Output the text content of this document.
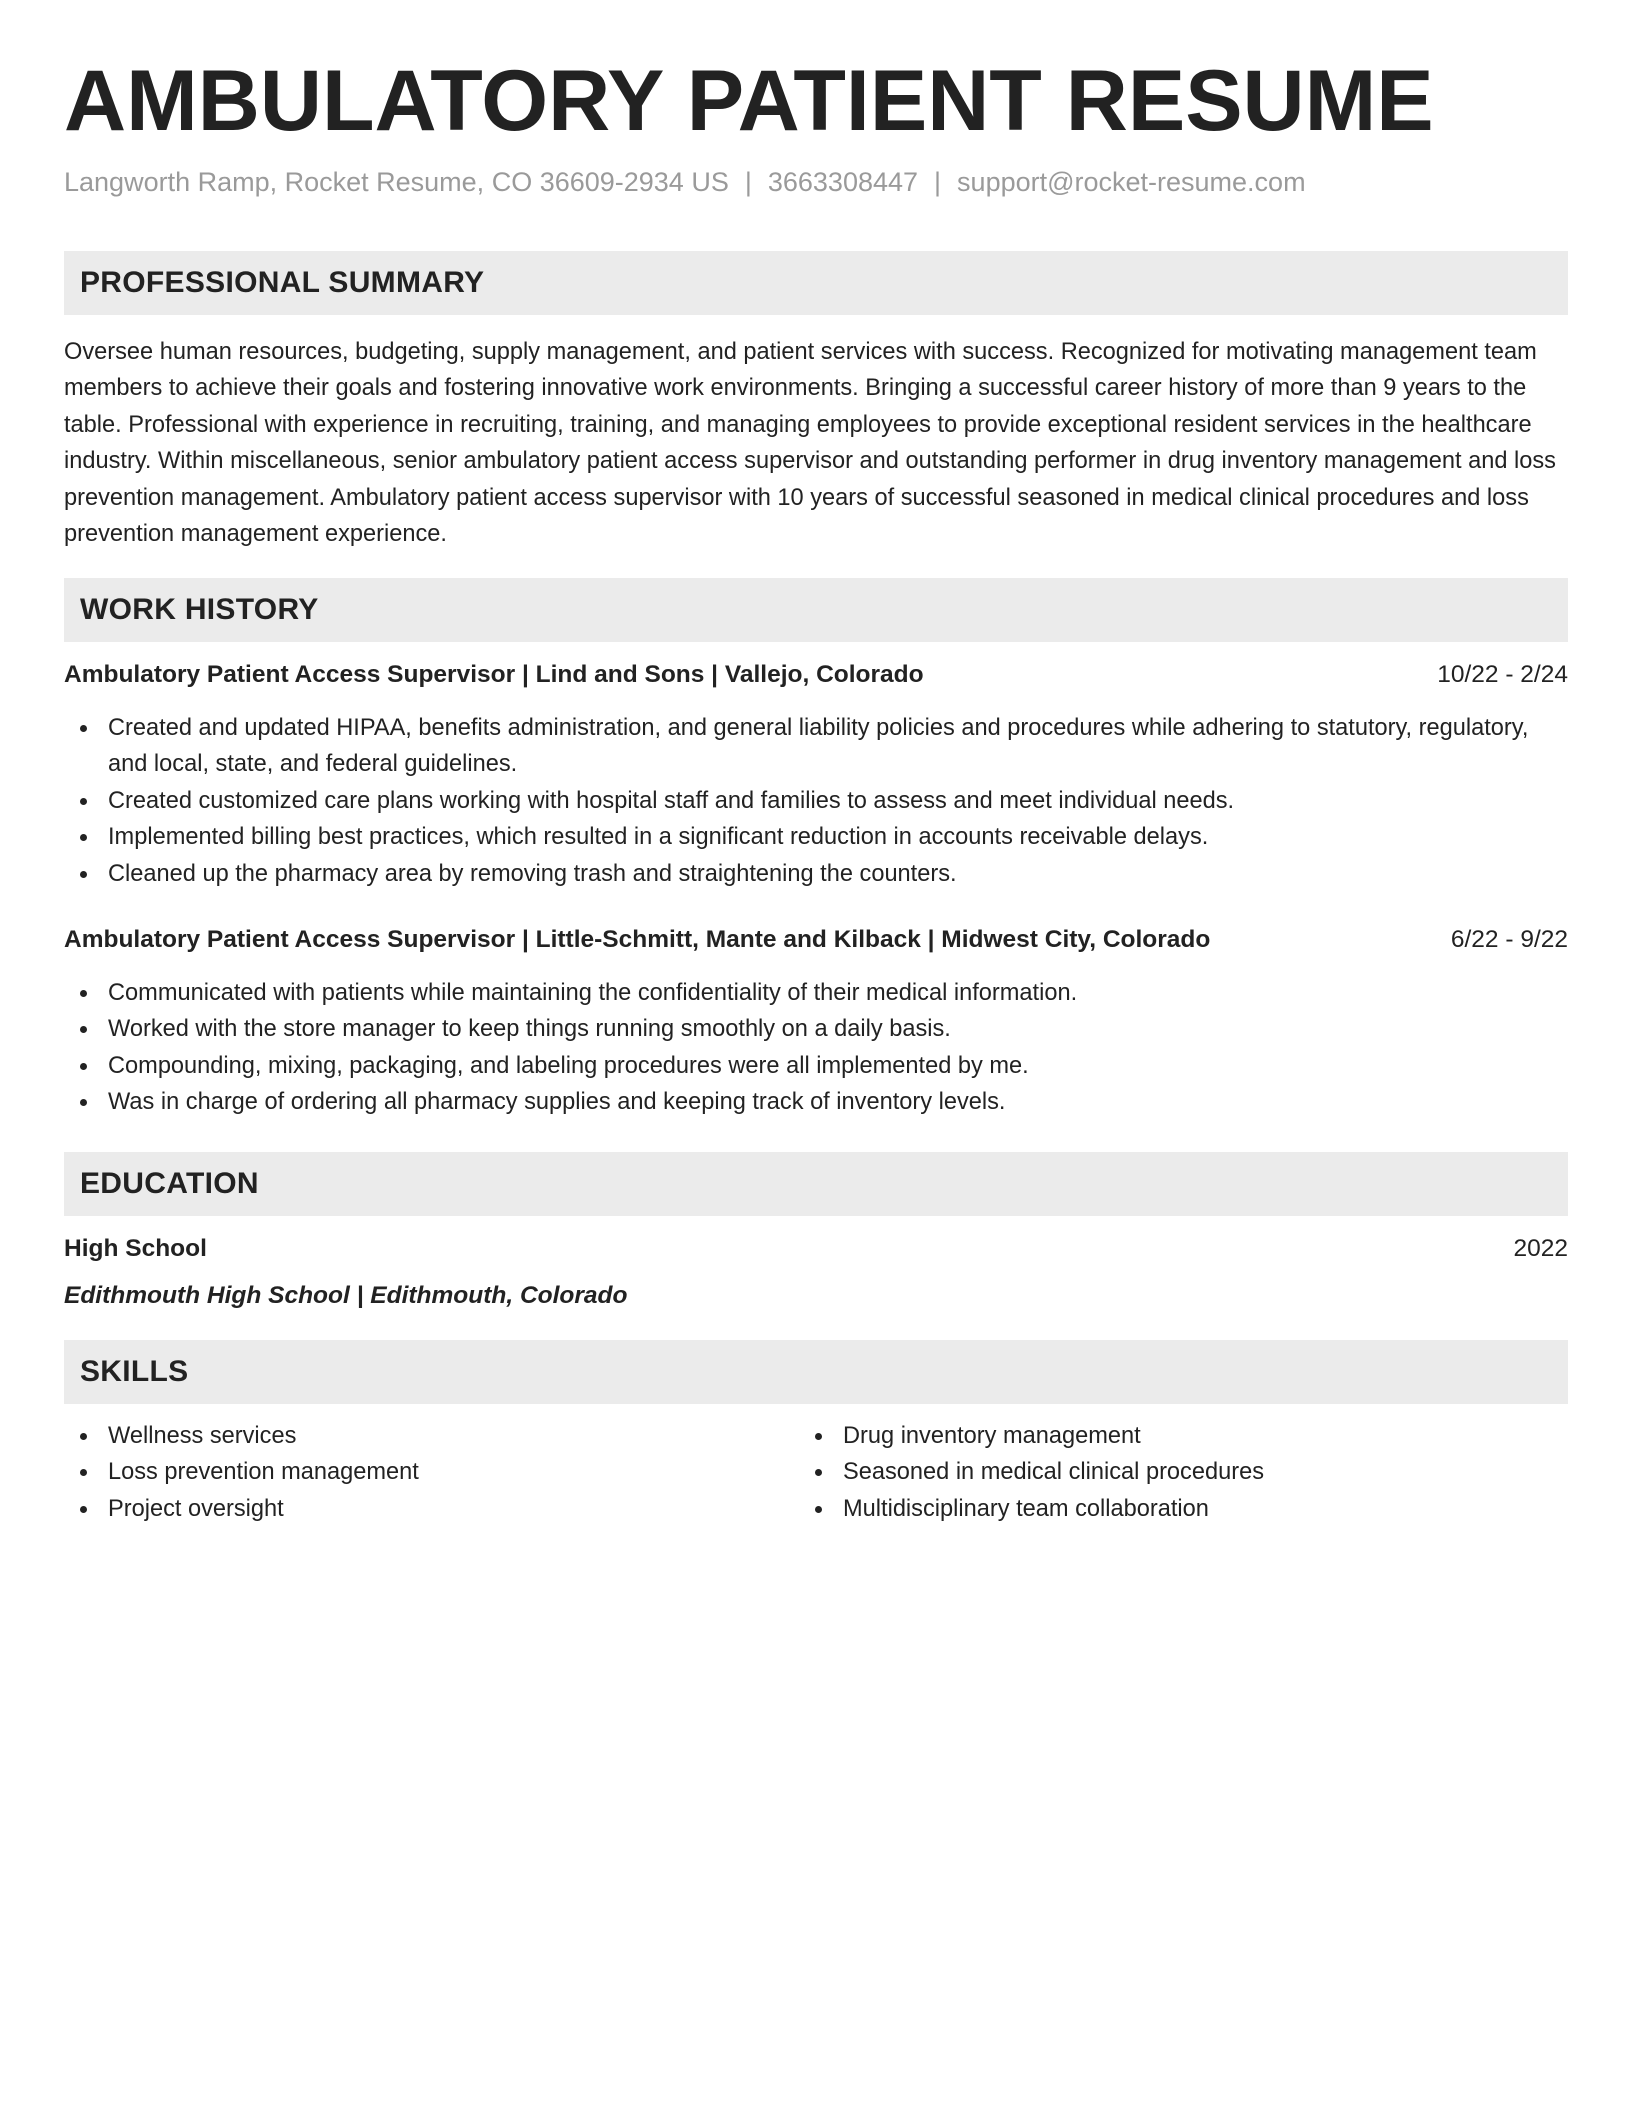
AMBULATORY PATIENT RESUME
Langworth Ramp, Rocket Resume, CO 36609-2934 US | 3663308447 | support@rocket-resume.com
PROFESSIONAL SUMMARY

Oversee human resources, budgeting, supply management, and patient services with success. Recognized for motivating management team members to achieve their goals and fostering innovative work environments. Bringing a successful career history of more than 9 years to the table. Professional with experience in recruiting, training, and managing employees to provide exceptional resident services in the healthcare industry. Within miscellaneous, senior ambulatory patient access supervisor and outstanding performer in drug inventory management and loss prevention management. Ambulatory patient access supervisor with 10 years of successful seasoned in medical clinical procedures and loss prevention management experience.

WORK HISTORY
Ambulatory Patient Access Supervisor | Lind and Sons | Vallejo, Colorado	10/22 - 2/24
Created and updated HIPAA, benefits administration, and general liability policies and procedures while adhering to statutory, regulatory, and local, state, and federal guidelines.
Created customized care plans working with hospital staff and families to assess and meet individual needs.
Implemented billing best practices, which resulted in a significant reduction in accounts receivable delays.
Cleaned up the pharmacy area by removing trash and straightening the counters.
Ambulatory Patient Access Supervisor | Little-Schmitt, Mante and Kilback | Midwest City, Colorado	6/22 - 9/22
Communicated with patients while maintaining the confidentiality of their medical information.
Worked with the store manager to keep things running smoothly on a daily basis.
Compounding, mixing, packaging, and labeling procedures were all implemented by me.
Was in charge of ordering all pharmacy supplies and keeping track of inventory levels.
EDUCATION
High School	2022
Edithmouth High School | Edithmouth, Colorado
SKILLS
Wellness services
Loss prevention management
Project oversight
Drug inventory management
Seasoned in medical clinical procedures
Multidisciplinary team collaboration
